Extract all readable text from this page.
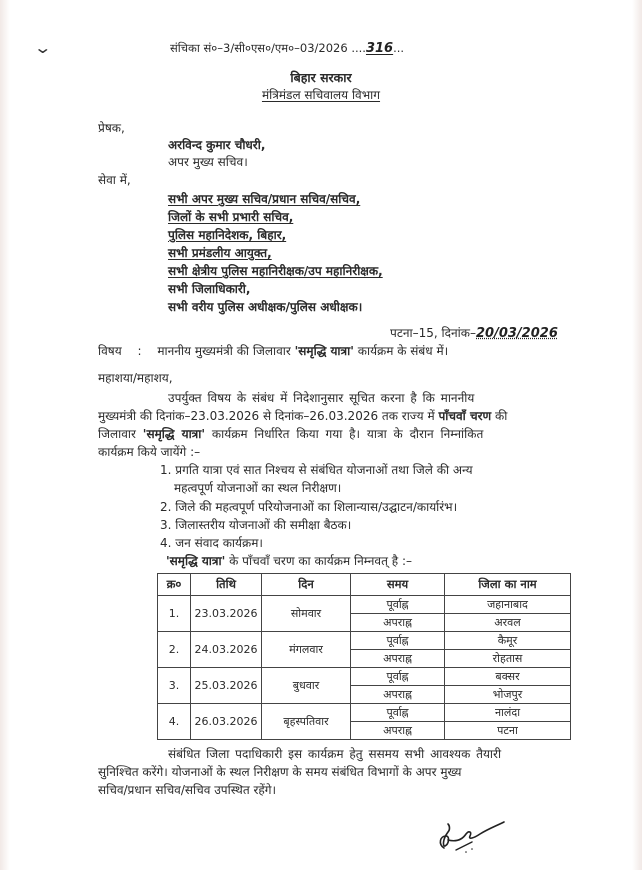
⌄	संचिका सं०–3/सी०एस०/एम०–03/2026 ....316...
बिहार सरकार
मंत्रिमंडल सचिवालय विभाग
प्रेषक,
अरविन्द कुमार चौधरी,
अपर मुख्य सचिव।
सेवा में,
सभी अपर मुख्य सचिव/प्रधान सचिव/सचिव,
जिलों के सभी प्रभारी सचिव,
पुलिस महानिदेशक, बिहार,
सभी प्रमंडलीय आयुक्त,
सभी क्षेत्रीय पुलिस महानिरीक्षक/उप महानिरीक्षक,
सभी जिलाधिकारी,
सभी वरीय पुलिस अधीक्षक/पुलिस अधीक्षक।
पटना–15, दिनांक–20/03/2026
विषय : माननीय मुख्यमंत्री की जिलावार 'समृद्धि यात्रा' कार्यक्रम के संबंध में।
महाशया/महाशय,
उपर्युक्त विषय के संबंध में निदेशानुसार सूचित करना है कि माननीय
मुख्यमंत्री की दिनांक–23.03.2026 से दिनांक–26.03.2026 तक राज्य में पाँचवाँ चरण की
जिलावार 'समृद्धि यात्रा' कार्यक्रम निर्धारित किया गया है। यात्रा के दौरान निम्नांकित
कार्यक्रम किये जायेंगे :–
1. प्रगति यात्रा एवं सात निश्चय से संबंधित योजनाओं तथा जिले की अन्य
महत्वपूर्ण योजनाओं का स्थल निरीक्षण।
2. जिले की महत्वपूर्ण परियोजनाओं का शिलान्यास/उद्घाटन/कार्यारंभ।
3. जिलास्तरीय योजनाओं की समीक्षा बैठक।
4. जन संवाद कार्यक्रम।
'समृद्धि यात्रा' के पाँचवाँ चरण का कार्यक्रम निम्नवत् है :–
क्र०	तिथि	दिन	समय	जिला का नाम
1.	23.03.2026	सोमवार	पूर्वाह्न	जहानाबाद
			अपराह्न	अरवल
2.	24.03.2026	मंगलवार	पूर्वाह्न	कैमूर
			अपराह्न	रोहतास
3.	25.03.2026	बुधवार	पूर्वाह्न	बक्सर
			अपराह्न	भोजपुर
4.	26.03.2026	बृहस्पतिवार	पूर्वाह्न	नालंदा
			अपराह्न	पटना
संबंधित जिला पदाधिकारी इस कार्यक्रम हेतु ससमय सभी आवश्यक तैयारी
सुनिश्चित करेंगे। योजनाओं के स्थल निरीक्षण के समय संबंधित विभागों के अपर मुख्य
सचिव/प्रधान सचिव/सचिव उपस्थित रहेंगे।
